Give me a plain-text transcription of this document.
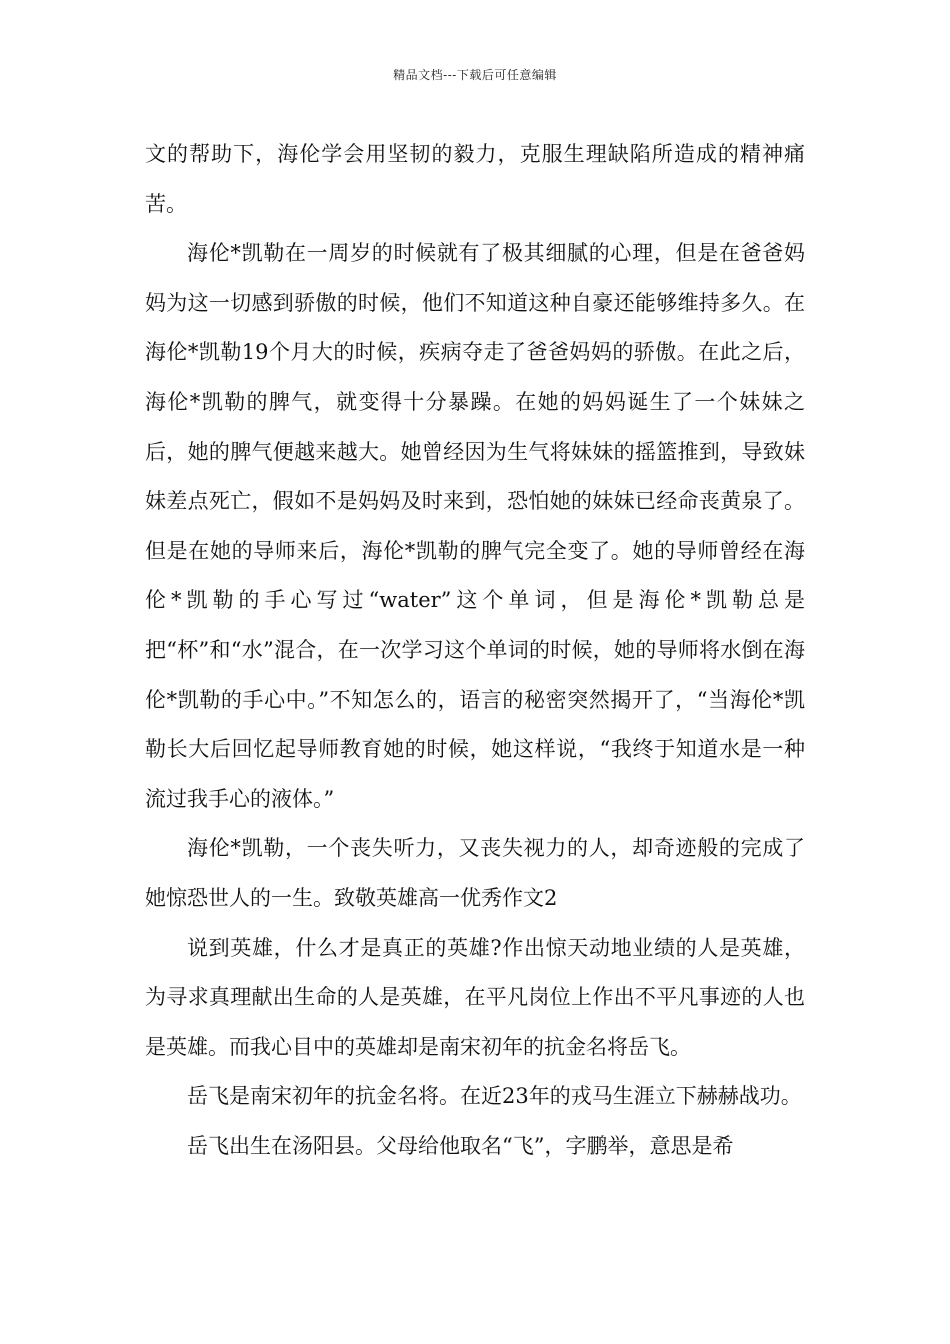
精品文档---下载后可任意编辑

文的帮助下，海伦学会用坚韧的毅力，克服生理缺陷所造成的精神痛苦。

海伦*凯勒在一周岁的时候就有了极其细腻的心理，但是在爸爸妈妈为这一切感到骄傲的时候，他们不知道这种自豪还能够维持多久。在海伦*凯勒19个月大的时候，疾病夺走了爸爸妈妈的骄傲。在此之后，海伦*凯勒的脾气，就变得十分暴躁。在她的妈妈诞生了一个妹妹之后，她的脾气便越来越大。她曾经因为生气将妹妹的摇篮推到，导致妹妹差点死亡，假如不是妈妈及时来到，恐怕她的妹妹已经命丧黄泉了。但是在她的导师来后，海伦*凯勒的脾气完全变了。她的导师曾经在海伦*凯勒的手心写过“water”这个单词，但是海伦*凯勒总是把“杯”和“水”混合，在一次学习这个单词的时候，她的导师将水倒在海伦*凯勒的手心中。”不知怎么的，语言的秘密突然揭开了，“当海伦*凯勒长大后回忆起导师教育她的时候，她这样说，“我终于知道水是一种流过我手心的液体。”

海伦*凯勒，一个丧失听力，又丧失视力的人，却奇迹般的完成了她惊恐世人的一生。致敬英雄高一优秀作文2

说到英雄，什么才是真正的英雄?作出惊天动地业绩的人是英雄，为寻求真理献出生命的人是英雄，在平凡岗位上作出不平凡事迹的人也是英雄。而我心目中的英雄却是南宋初年的抗金名将岳飞。

岳飞是南宋初年的抗金名将。在近23年的戎马生涯立下赫赫战功。

岳飞出生在汤阳县。父母给他取名“飞”，字鹏举，意思是希
